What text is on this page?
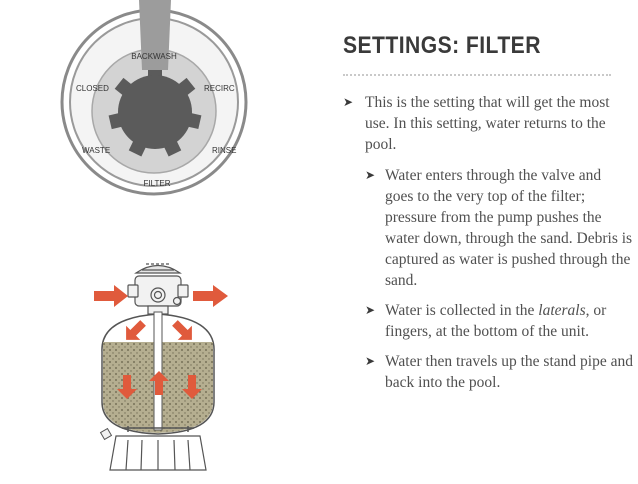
BACKWASH
CLOSED	RECIRC
WASTE	RINSE
FILTER
SETTINGS: FILTER
➤ This is the setting that will get the most use. In this setting, water returns to the pool.
➤ Water enters through the valve and goes to the very top of the filter; pressure from the pump pushes the water down, through the sand. Debris is captured as water is pushed through the sand.
➤ Water is collected in the laterals, or fingers, at the bottom of the unit.
➤ Water then travels up the stand pipe and back into the pool.
